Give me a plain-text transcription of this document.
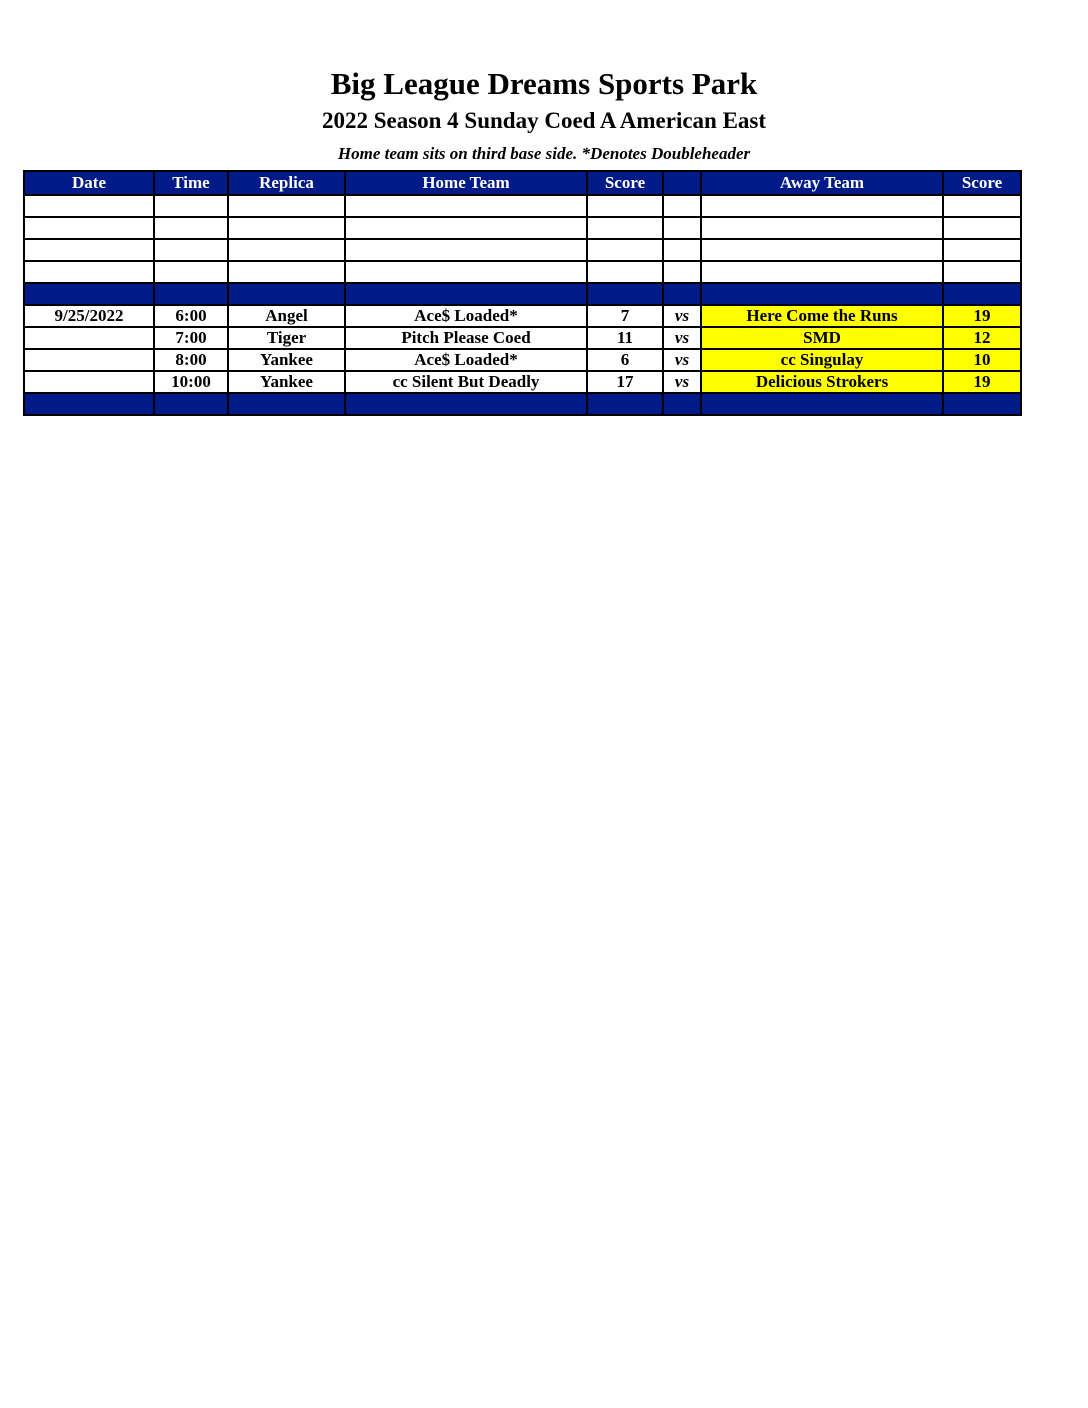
Big League Dreams Sports Park
2022 Season 4 Sunday Coed A American East

Home team sits on third base side. *Denotes Doubleheader

Date	Time	Replica	Home Team	Score		Away Team	Score

9/25/2022	6:00	Angel	Ace$ Loaded*	7	vs	Here Come the Runs	19
	7:00	Tiger	Pitch Please Coed	11	vs	SMD	12
	8:00	Yankee	Ace$ Loaded*	6	vs	cc Singulay	10
	10:00	Yankee	cc Silent But Deadly	17	vs	Delicious Strokers	19
